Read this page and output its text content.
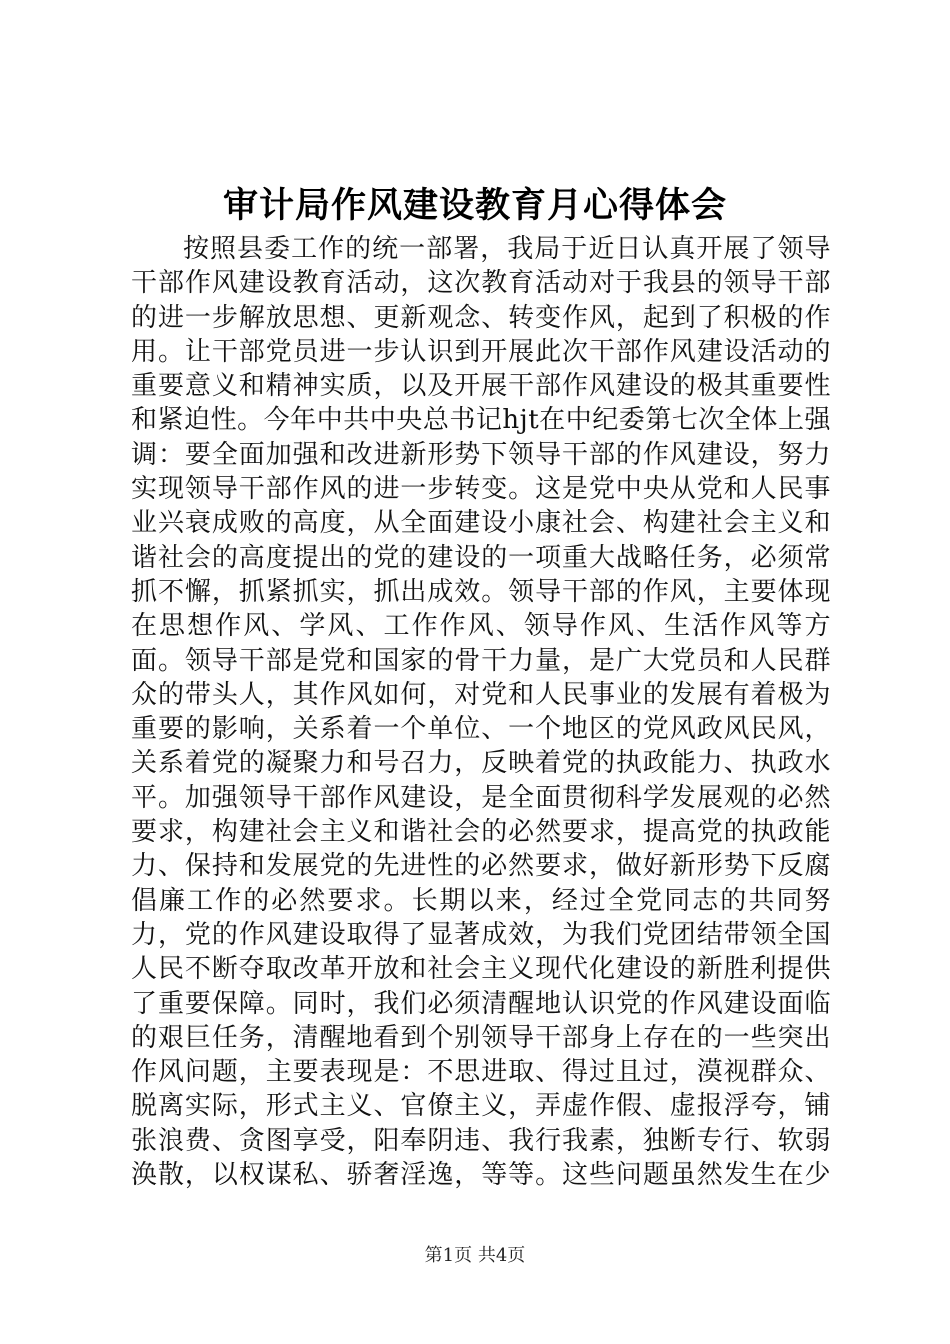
审计局作风建设教育月心得体会

按照县委工作的统一部署，我局于近日认真开展了领导干部作风建设教育活动，这次教育活动对于我县的领导干部的进一步解放思想、更新观念、转变作风，起到了积极的作用。让干部党员进一步认识到开展此次干部作风建设活动的重要意义和精神实质，以及开展干部作风建设的极其重要性和紧迫性。今年中共中央总书记hjt在中纪委第七次全体上强调：要全面加强和改进新形势下领导干部的作风建设，努力实现领导干部作风的进一步转变。这是党中央从党和人民事业兴衰成败的高度，从全面建设小康社会、构建社会主义和谐社会的高度提出的党的建设的一项重大战略任务，必须常抓不懈，抓紧抓实，抓出成效。领导干部的作风，主要体现在思想作风、学风、工作作风、领导作风、生活作风等方面。领导干部是党和国家的骨干力量，是广大党员和人民群众的带头人，其作风如何，对党和人民事业的发展有着极为重要的影响，关系着一个单位、一个地区的党风政风民风，关系着党的凝聚力和号召力，反映着党的执政能力、执政水平。加强领导干部作风建设，是全面贯彻科学发展观的必然要求，构建社会主义和谐社会的必然要求，提高党的执政能力、保持和发展党的先进性的必然要求，做好新形势下反腐倡廉工作的必然要求。长期以来，经过全党同志的共同努力，党的作风建设取得了显著成效，为我们党团结带领全国人民不断夺取改革开放和社会主义现代化建设的新胜利提供了重要保障。同时，我们必须清醒地认识党的作风建设面临的艰巨任务，清醒地看到个别领导干部身上存在的一些突出作风问题，主要表现是：不思进取、得过且过，漠视群众、脱离实际，形式主义、官僚主义，弄虚作假、虚报浮夸，铺张浪费、贪图享受，阳奉阴违、我行我素，独断专行、软弱涣散，以权谋私、骄奢淫逸，等等。这些问题虽然发生在少

第1页 共4页
